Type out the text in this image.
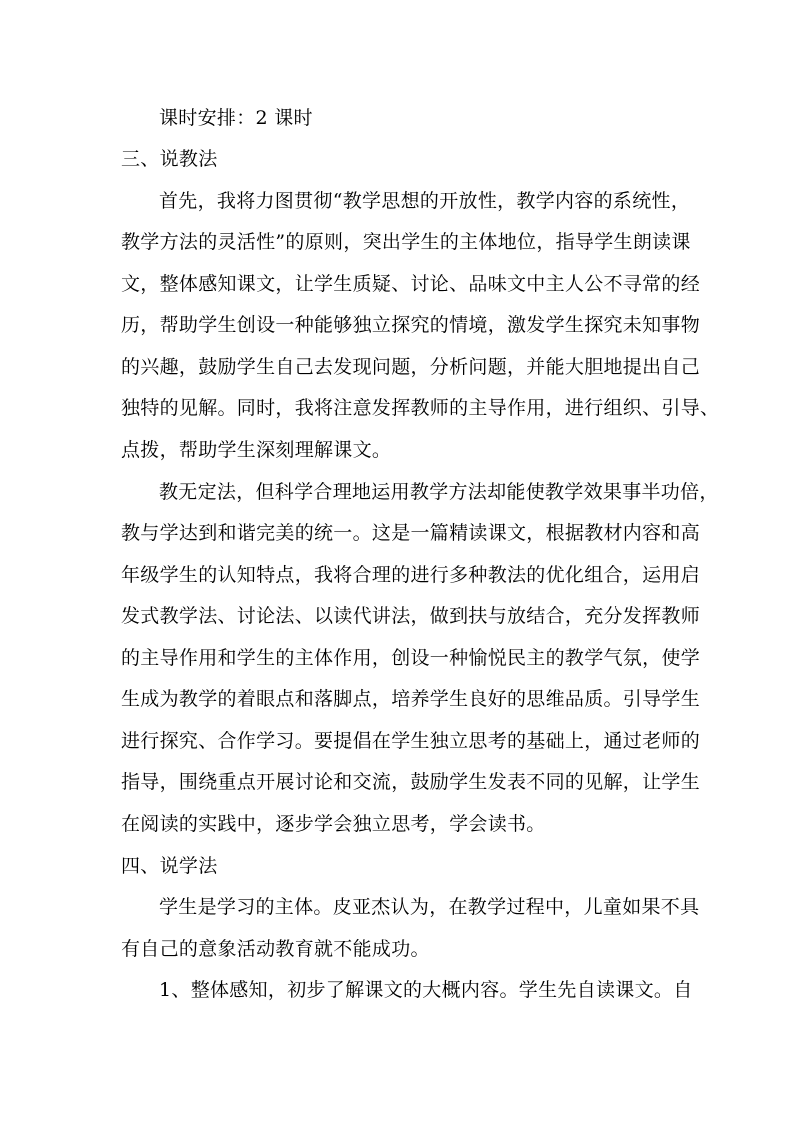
课时安排：2 课时
三、说教法
首先，我将力图贯彻“教学思想的开放性，教学内容的系统性，
教学方法的灵活性”的原则，突出学生的主体地位，指导学生朗读课
文，整体感知课文，让学生质疑、讨论、品味文中主人公不寻常的经
历，帮助学生创设一种能够独立探究的情境，激发学生探究未知事物
的兴趣，鼓励学生自己去发现问题，分析问题，并能大胆地提出自己
独特的见解。同时，我将注意发挥教师的主导作用，进行组织、引导、
点拨，帮助学生深刻理解课文。
教无定法，但科学合理地运用教学方法却能使教学效果事半功倍，
教与学达到和谐完美的统一。这是一篇精读课文，根据教材内容和高
年级学生的认知特点，我将合理的进行多种教法的优化组合，运用启
发式教学法、讨论法、以读代讲法，做到扶与放结合，充分发挥教师
的主导作用和学生的主体作用，创设一种愉悦民主的教学气氛，使学
生成为教学的着眼点和落脚点，培养学生良好的思维品质。引导学生
进行探究、合作学习。要提倡在学生独立思考的基础上，通过老师的
指导，围绕重点开展讨论和交流，鼓励学生发表不同的见解，让学生
在阅读的实践中，逐步学会独立思考，学会读书。
四、说学法
学生是学习的主体。皮亚杰认为，在教学过程中，儿童如果不具
有自己的意象活动教育就不能成功。
1、整体感知，初步了解课文的大概内容。学生先自读课文。自
